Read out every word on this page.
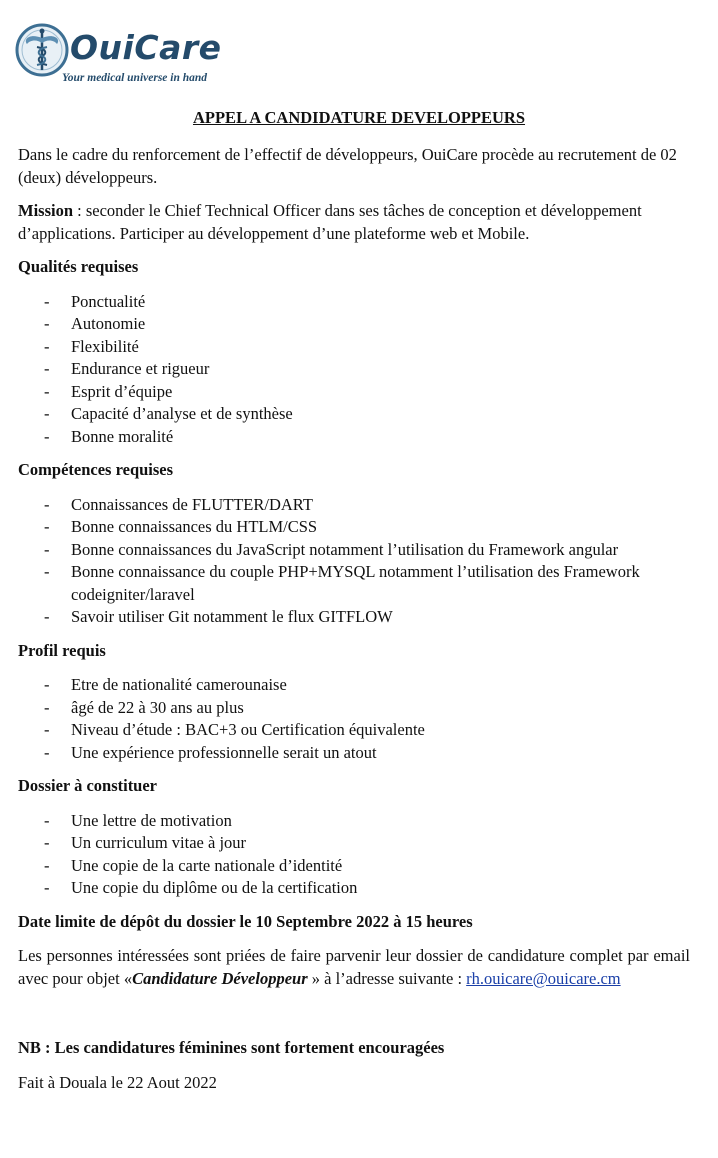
OuiCare
Your medical universe in hand
APPEL A CANDIDATURE DEVELOPPEURS

Dans le cadre du renforcement de l’effectif de développeurs, OuiCare procède au recrutement de 02 (deux) développeurs.

Mission : seconder le Chief Technical Officer dans ses tâches de conception et développement d’applications. Participer au développement d’une plateforme web et Mobile.

Qualités requises
- Ponctualité
- Autonomie
- Flexibilité
- Endurance et rigueur
- Esprit d’équipe
- Capacité d’analyse et de synthèse
- Bonne moralité
Compétences requises
- Connaissances de FLUTTER/DART
- Bonne connaissances du HTLM/CSS
- Bonne connaissances du JavaScript notamment l’utilisation du Framework angular
- Bonne connaissance du couple PHP+MYSQL notamment l’utilisation des Framework codeigniter/laravel
- Savoir utiliser Git notamment le flux GITFLOW
Profil requis
- Etre de nationalité camerounaise
- âgé de 22 à 30 ans au plus
- Niveau d’étude : BAC+3 ou Certification équivalente
- Une expérience professionnelle serait un atout
Dossier à constituer
- Une lettre de motivation
- Un curriculum vitae à jour
- Une copie de la carte nationale d’identité
- Une copie du diplôme ou de la certification
Date limite de dépôt du dossier le 10 Septembre 2022 à 15 heures

Les personnes intéressées sont priées de faire parvenir leur dossier de candidature complet par email avec pour objet «Candidature Développeur » à l’adresse suivante : rh.ouicare@ouicare.cm

NB : Les candidatures féminines sont fortement encouragées

Fait à Douala le 22 Aout 2022
